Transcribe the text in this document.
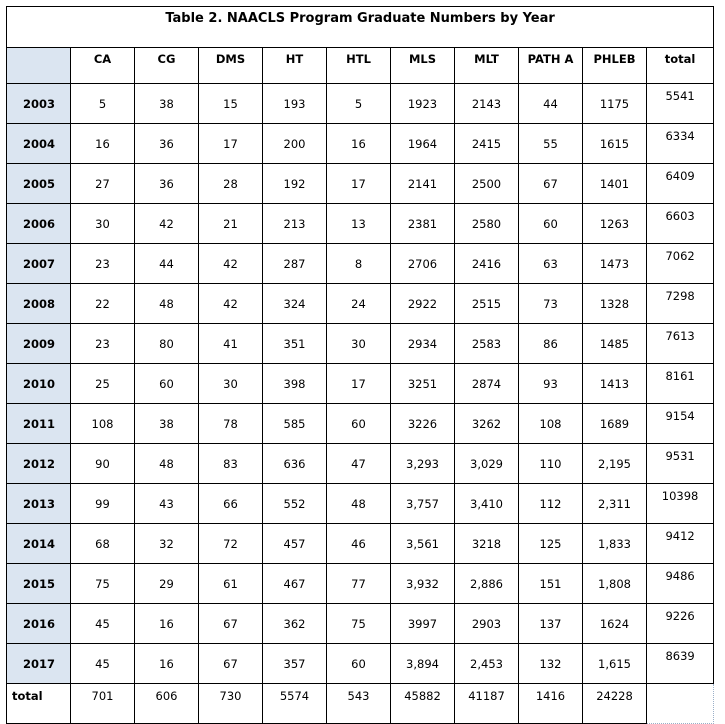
Table 2. NAACLS Program Graduate Numbers by Year										
	CA	CG	DMS	HT	HTL	MLS	MLT	PATH A	PHLEB	total
2003	5	38	15	193	5	1923	2143	44	1175	5541
2004	16	36	17	200	16	1964	2415	55	1615	6334
2005	27	36	28	192	17	2141	2500	67	1401	6409
2006	30	42	21	213	13	2381	2580	60	1263	6603
2007	23	44	42	287	8	2706	2416	63	1473	7062
2008	22	48	42	324	24	2922	2515	73	1328	7298
2009	23	80	41	351	30	2934	2583	86	1485	7613
2010	25	60	30	398	17	3251	2874	93	1413	8161
2011	108	38	78	585	60	3226	3262	108	1689	9154
2012	90	48	83	636	47	3,293	3,029	110	2,195	9531
2013	99	43	66	552	48	3,757	3,410	112	2,311	10398
2014	68	32	72	457	46	3,561	3218	125	1,833	9412
2015	75	29	61	467	77	3,932	2,886	151	1,808	9486
2016	45	16	67	362	75	3997	2903	137	1624	9226
2017	45	16	67	357	60	3,894	2,453	132	1,615	8639
total	701	606	730	5574	543	45882	41187	1416	24228	
